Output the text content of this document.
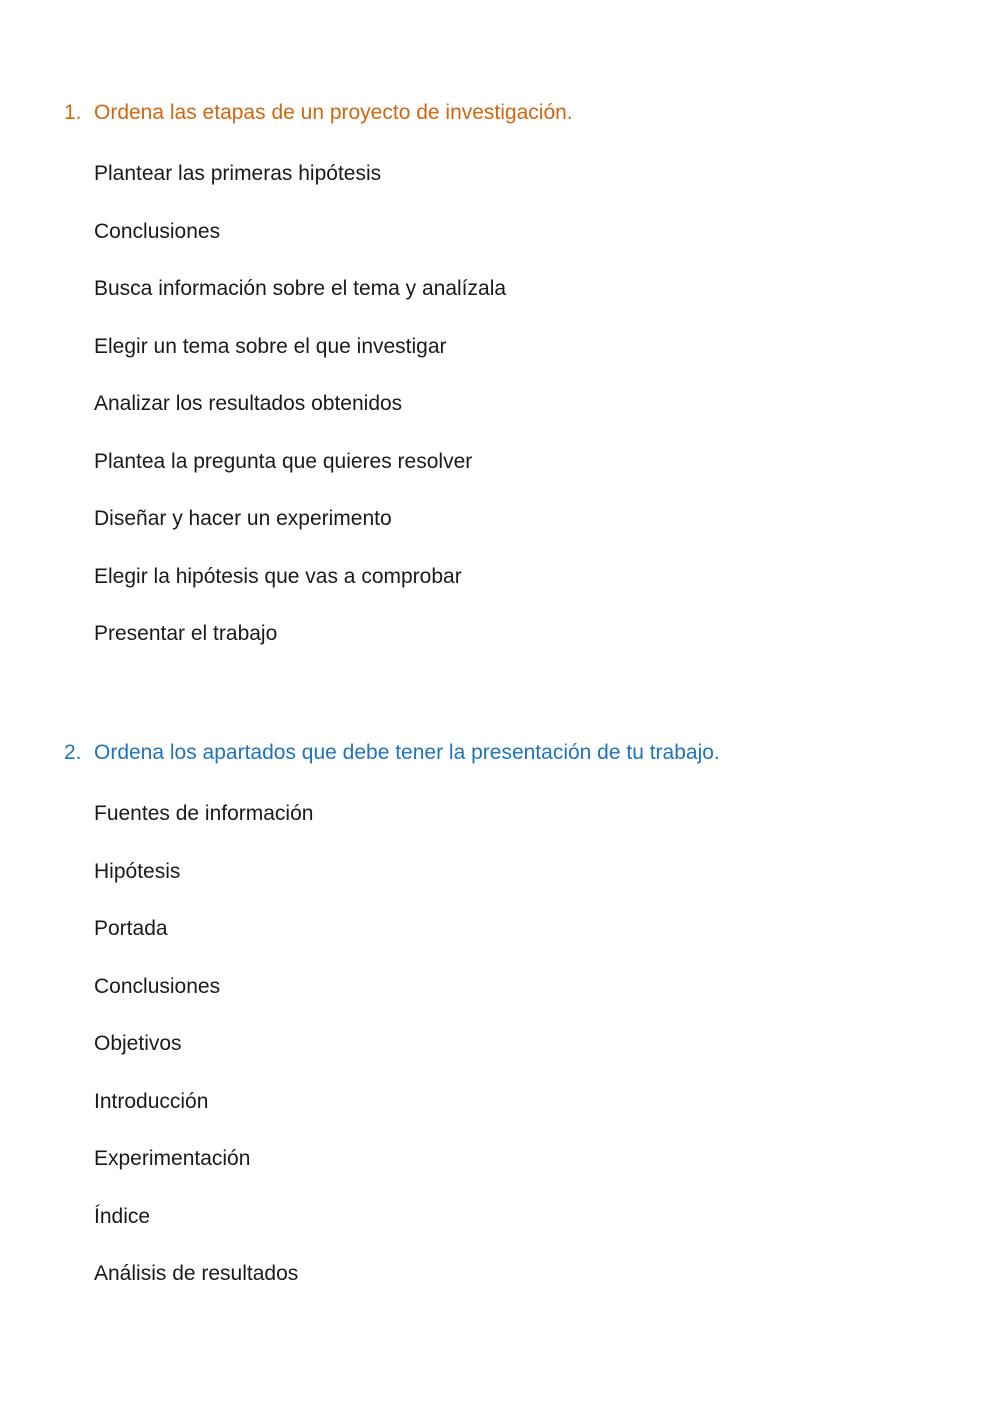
1. Ordena las etapas de un proyecto de investigación.
Plantear las primeras hipótesis
Conclusiones
Busca información sobre el tema y analízala
Elegir un tema sobre el que investigar
Analizar los resultados obtenidos
Plantea la pregunta que quieres resolver
Diseñar y hacer un experimento
Elegir la hipótesis que vas a comprobar
Presentar el trabajo
2. Ordena los apartados que debe tener la presentación de tu trabajo.
Fuentes de información
Hipótesis
Portada
Conclusiones
Objetivos
Introducción
Experimentación
Índice
Análisis de resultados
